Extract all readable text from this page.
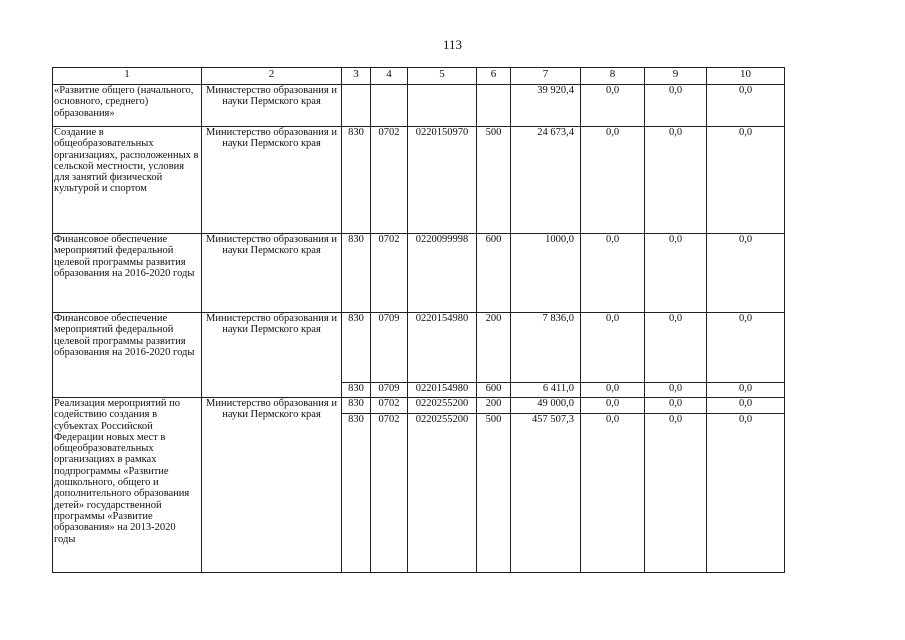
113
1	2	3	4	5	6	7	8	9	10
«Развитие общего (начального, основного, среднего) образования»	Министерство образования и науки Пермского края					39 920,4	0,0	0,0	0,0
Создание в общеобразовательных организациях, расположенных в сельской местности, условия для занятий физической культурой и спортом	Министерство образования и науки Пермского края	830	0702	0220150970	500	24 673,4	0,0	0,0	0,0
Финансовое обеспечение мероприятий федеральной целевой программы развития образования на 2016-2020 годы	Министерство образования и науки Пермского края	830	0702	0220099998	600	1000,0	0,0	0,0	0,0
Финансовое обеспечение мероприятий федеральной целевой программы развития образования на 2016-2020 годы	Министерство образования и науки Пермского края	830	0709	0220154980	200	7 836,0	0,0	0,0	0,0
		830	0709	0220154980	600	6 411,0	0,0	0,0	0,0
Реализация мероприятий по содействию создания в субъектах Российской Федерации новых мест в общеобразовательных организациях в рамках подпрограммы «Развитие дошкольного, общего и дополнительного образования детей» государственной программы «Развитие образования» на 2013-2020 годы	Министерство образования и науки Пермского края	830	0702	0220255200	200	49 000,0	0,0	0,0	0,0
		830	0702	0220255200	500	457 507,3	0,0	0,0	0,0
